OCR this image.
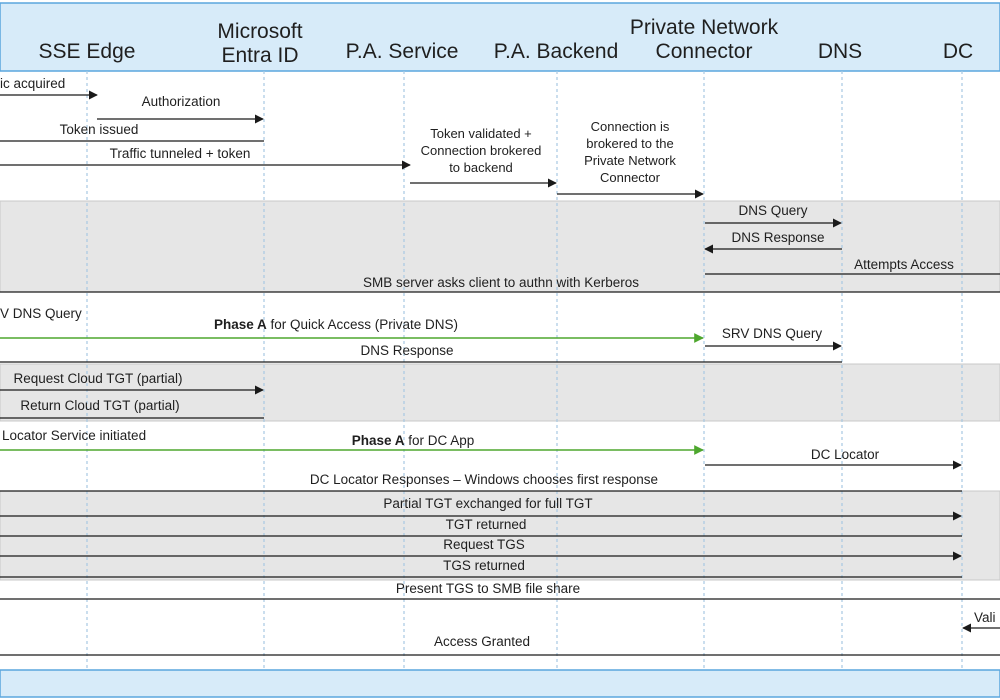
SSE Edge
Microsoft
Entra ID P.A. Service P.A. Backend
Private Network
Connector	DNS	DC
Token validated +
Connection brokered
to backend
Connection is
brokered to the
Private Network
Connector
ic acquired
Authorization
Token issued
Traffic tunneled + token
DNS Query
DNS Response
Attempts Access
SMB server asks client to authn with Kerberos
V DNS Query
Phase A for Quick Access (Private DNS)
SRV DNS Query
DNS Response
Request Cloud TGT (partial)
Return Cloud TGT (partial)
Locator Service initiated	Phase A for DC App
DC Locator
DC Locator Responses – Windows chooses first response
Partial TGT exchanged for full TGT
TGT returned
Request TGS
TGS returned
Present TGS to SMB file share
Vali
Access Granted
